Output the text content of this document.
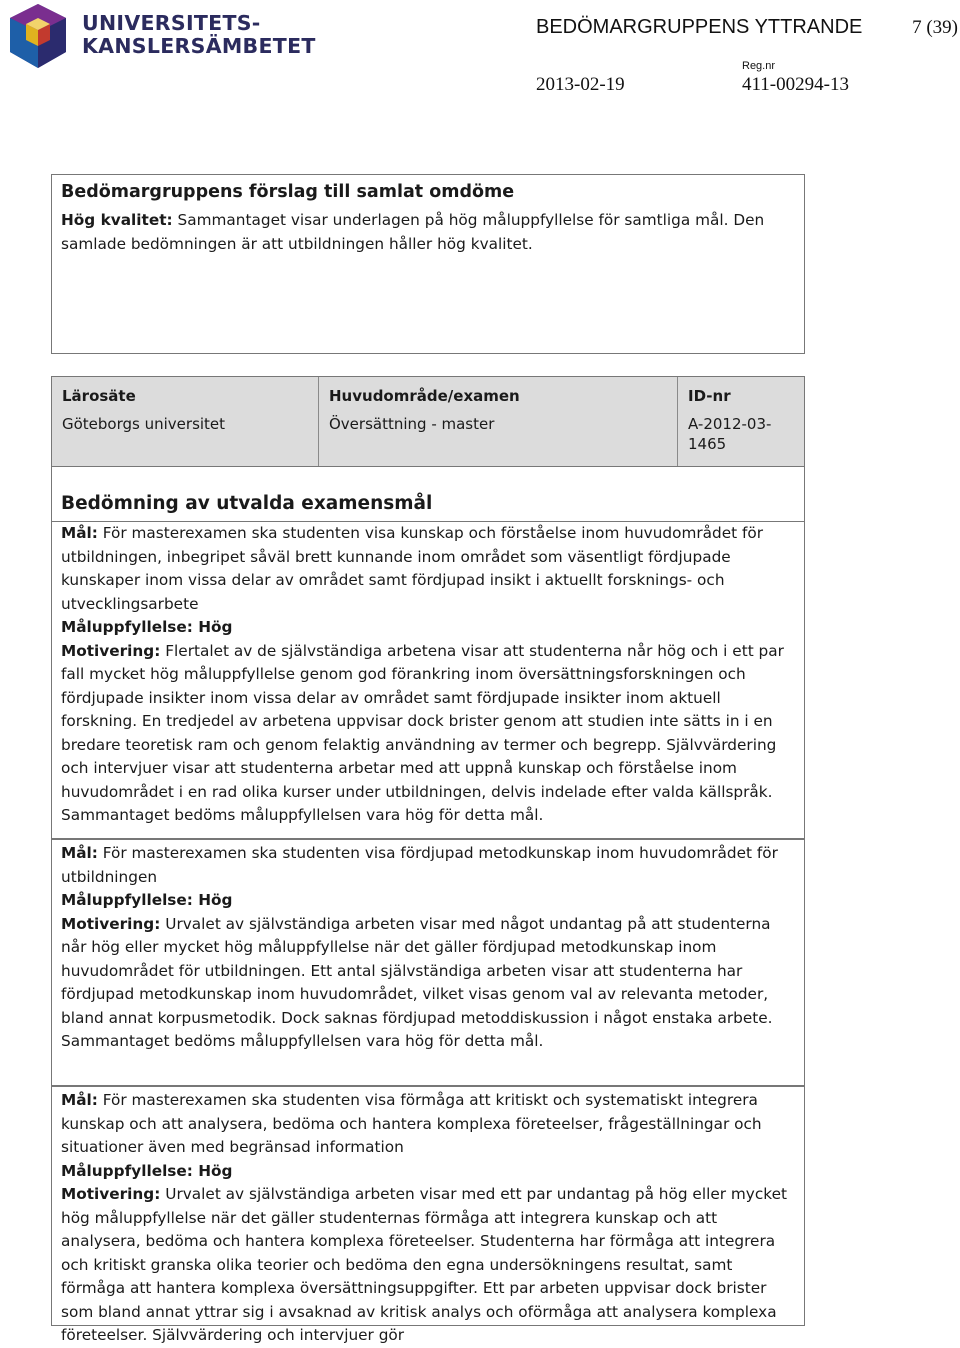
UNIVERSITETS-
KANSLERSÄMBETET
BEDÖMARGRUPPENS YTTRANDE	7 (39)
Reg.nr
2013-02-19	411-00294-13
Bedömargruppens förslag till samlat omdöme

Hög kvalitet: Sammantaget visar underlagen på hög måluppfyllelse för samtliga mål. Den samlade bedömningen är att utbildningen håller hög kvalitet.

Lärosäte
Göteborgs universitet
Huvudområde/examen
Översättning - master
ID-nr
A-2012-03-1465
Bedömning av utvalda examensmål

Mål: För masterexamen ska studenten visa kunskap och förståelse inom huvudområdet för utbildningen, inbegripet såväl brett kunnande inom området som väsentligt fördjupade kunskaper inom vissa delar av området samt fördjupad insikt i aktuellt forsknings- och utvecklingsarbete

Måluppfyllelse: Hög

Motivering: Flertalet av de självständiga arbetena visar att studenterna når hög och i ett par fall mycket hög måluppfyllelse genom god förankring inom översättningsforskningen och fördjupade insikter inom vissa delar av området samt fördjupade insikter inom aktuell forskning. En tredjedel av arbetena uppvisar dock brister genom att studien inte sätts in i en bredare teoretisk ram och genom felaktig användning av termer och begrepp. Självvärdering och intervjuer visar att studenterna arbetar med att uppnå kunskap och förståelse inom huvudområdet i en rad olika kurser under utbildningen, delvis indelade efter valda källspråk. Sammantaget bedöms måluppfyllelsen vara hög för detta mål.

Mål: För masterexamen ska studenten visa fördjupad metodkunskap inom huvudområdet för utbildningen

Måluppfyllelse: Hög

Motivering: Urvalet av självständiga arbeten visar med något undantag på att studenterna når hög eller mycket hög måluppfyllelse när det gäller fördjupad metodkunskap inom huvudområdet för utbildningen. Ett antal självständiga arbeten visar att studenterna har fördjupad metodkunskap inom huvudområdet, vilket visas genom val av relevanta metoder, bland annat korpusmetodik. Dock saknas fördjupad metoddiskussion i något enstaka arbete. Sammantaget bedöms måluppfyllelsen vara hög för detta mål.

Mål: För masterexamen ska studenten visa förmåga att kritiskt och systematiskt integrera kunskap och att analysera, bedöma och hantera komplexa företeelser, frågeställningar och situationer även med begränsad information

Måluppfyllelse: Hög

Motivering: Urvalet av självständiga arbeten visar med ett par undantag på hög eller mycket hög måluppfyllelse när det gäller studenternas förmåga att integrera kunskap och att analysera, bedöma och hantera komplexa företeelser. Studenterna har förmåga att integrera och kritiskt granska olika teorier och bedöma den egna undersökningens resultat, samt förmåga att hantera komplexa översättningsuppgifter. Ett par arbeten uppvisar dock brister som bland annat yttrar sig i avsaknad av kritisk analys och oförmåga att analysera komplexa företeelser. Självvärdering och intervjuer gör
